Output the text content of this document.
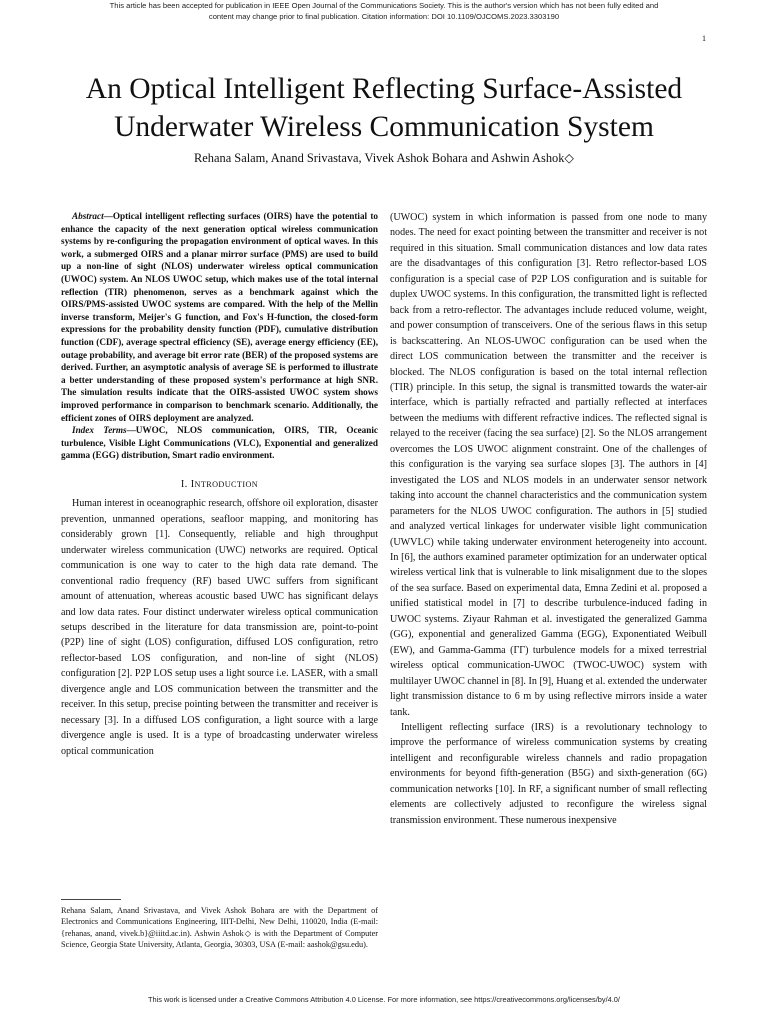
This article has been accepted for publication in IEEE Open Journal of the Communications Society. This is the author's version which has not been fully edited and
content may change prior to final publication. Citation information: DOI 10.1109/OJCOMS.2023.3303190
1
An Optical Intelligent Reflecting Surface-Assisted
Underwater Wireless Communication System
Rehana Salam, Anand Srivastava, Vivek Ashok Bohara and Ashwin Ashok◇

Abstract—Optical intelligent reflecting surfaces (OIRS) have the potential to enhance the capacity of the next generation optical wireless communication systems by re-configuring the propagation environment of optical waves. In this work, a submerged OIRS and a planar mirror surface (PMS) are used to build up a non-line of sight (NLOS) underwater wireless optical communication (UWOC) system. An NLOS UWOC setup, which makes use of the total internal reflection (TIR) phenomenon, serves as a benchmark against which the OIRS/PMS-assisted UWOC systems are compared. With the help of the Mellin inverse transform, Meijer's G function, and Fox's H-function, the closed-form expressions for the probability density function (PDF), cumulative distribution function (CDF), average spectral efficiency (SE), average energy efficiency (EE), outage probability, and average bit error rate (BER) of the proposed systems are derived. Further, an asymptotic analysis of average SE is performed to illustrate a better understanding of these proposed system's performance at high SNR. The simulation results indicate that the OIRS-assisted UWOC system shows improved performance in comparison to benchmark scenario. Additionally, the efficient zones of OIRS deployment are analyzed.

Index Terms—UWOC, NLOS communication, OIRS, TIR, Oceanic turbulence, Visible Light Communications (VLC), Exponential and generalized gamma (EGG) distribution, Smart radio environment.

I. INTRODUCTION

Human interest in oceanographic research, offshore oil exploration, disaster prevention, unmanned operations, seafloor mapping, and monitoring has considerably grown [1]. Consequently, reliable and high throughput underwater wireless communication (UWC) networks are required. Optical communication is one way to cater to the high data rate demand. The conventional radio frequency (RF) based UWC suffers from significant amount of attenuation, whereas acoustic based UWC has significant delays and low data rates. Four distinct underwater wireless optical communication setups described in the literature for data transmission are, point-to-point (P2P) line of sight (LOS) configuration, diffused LOS configuration, retro reflector-based LOS configuration, and non-line of sight (NLOS) configuration [2]. P2P LOS setup uses a light source i.e. LASER, with a small divergence angle and LOS communication between the transmitter and the receiver. In this setup, precise pointing between the transmitter and receiver is necessary [3]. In a diffused LOS configuration, a light source with a large divergence angle is used. It is a type of broadcasting underwater wireless optical communication

(UWOC) system in which information is passed from one node to many nodes. The need for exact pointing between the transmitter and receiver is not required in this situation. Small communication distances and low data rates are the disadvantages of this configuration [3]. Retro reflector-based LOS configuration is a special case of P2P LOS configuration and is suitable for duplex UWOC systems. In this configuration, the transmitted light is reflected back from a retro-reflector. The advantages include reduced volume, weight, and power consumption of transceivers. One of the serious flaws in this setup is backscattering. An NLOS-UWOC configuration can be used when the direct LOS communication between the transmitter and the receiver is blocked. The NLOS configuration is based on the total internal reflection (TIR) principle. In this setup, the signal is transmitted towards the water-air interface, which is partially refracted and partially reflected at interfaces between the mediums with different refractive indices. The reflected signal is relayed to the receiver (facing the sea surface) [2]. So the NLOS arrangement overcomes the LOS UWOC alignment constraint. One of the challenges of this configuration is the varying sea surface slopes [3]. The authors in [4] investigated the LOS and NLOS models in an underwater sensor network taking into account the channel characteristics and the communication system parameters for the NLOS UWOC configuration. The authors in [5] studied and analyzed vertical linkages for underwater visible light communication (UWVLC) while taking underwater environment heterogeneity into account. In [6], the authors examined parameter optimization for an underwater optical wireless vertical link that is vulnerable to link misalignment due to the slopes of the sea surface. Based on experimental data, Emna Zedini et al. proposed a unified statistical model in [7] to describe turbulence-induced fading in UWOC systems. Ziyaur Rahman et al. investigated the generalized Gamma (GG), exponential and generalized Gamma (EGG), Exponentiated Weibull (EW), and Gamma-Gamma (ΓΓ) turbulence models for a mixed terrestrial wireless optical communication-UWOC (TWOC-UWOC) system with multilayer UWOC channel in [8]. In [9], Huang et al. extended the underwater light transmission distance to 6 m by using reflective mirrors inside a water tank.

Intelligent reflecting surface (IRS) is a revolutionary technology to improve the performance of wireless communication systems by creating intelligent and reconfigurable wireless channels and radio propagation environments for beyond fifth-generation (B5G) and sixth-generation (6G) communication networks [10]. In RF, a significant number of small reflecting elements are collectively adjusted to reconfigure the wireless signal transmission environment. These numerous inexpensive

Rehana Salam, Anand Srivastava, and Vivek Ashok Bohara are with the Department of Electronics and Communications Engineering, IIIT-Delhi, New Delhi, 110020, India (E-mail: {rehanas, anand, vivek.b}@iiitd.ac.in). Ashwin Ashok◇ is with the Department of Computer Science, Georgia State University, Atlanta, Georgia, 30303, USA (E-mail: aashok@gsu.edu).
This work is licensed under a Creative Commons Attribution 4.0 License. For more information, see https://creativecommons.org/licenses/by/4.0/
